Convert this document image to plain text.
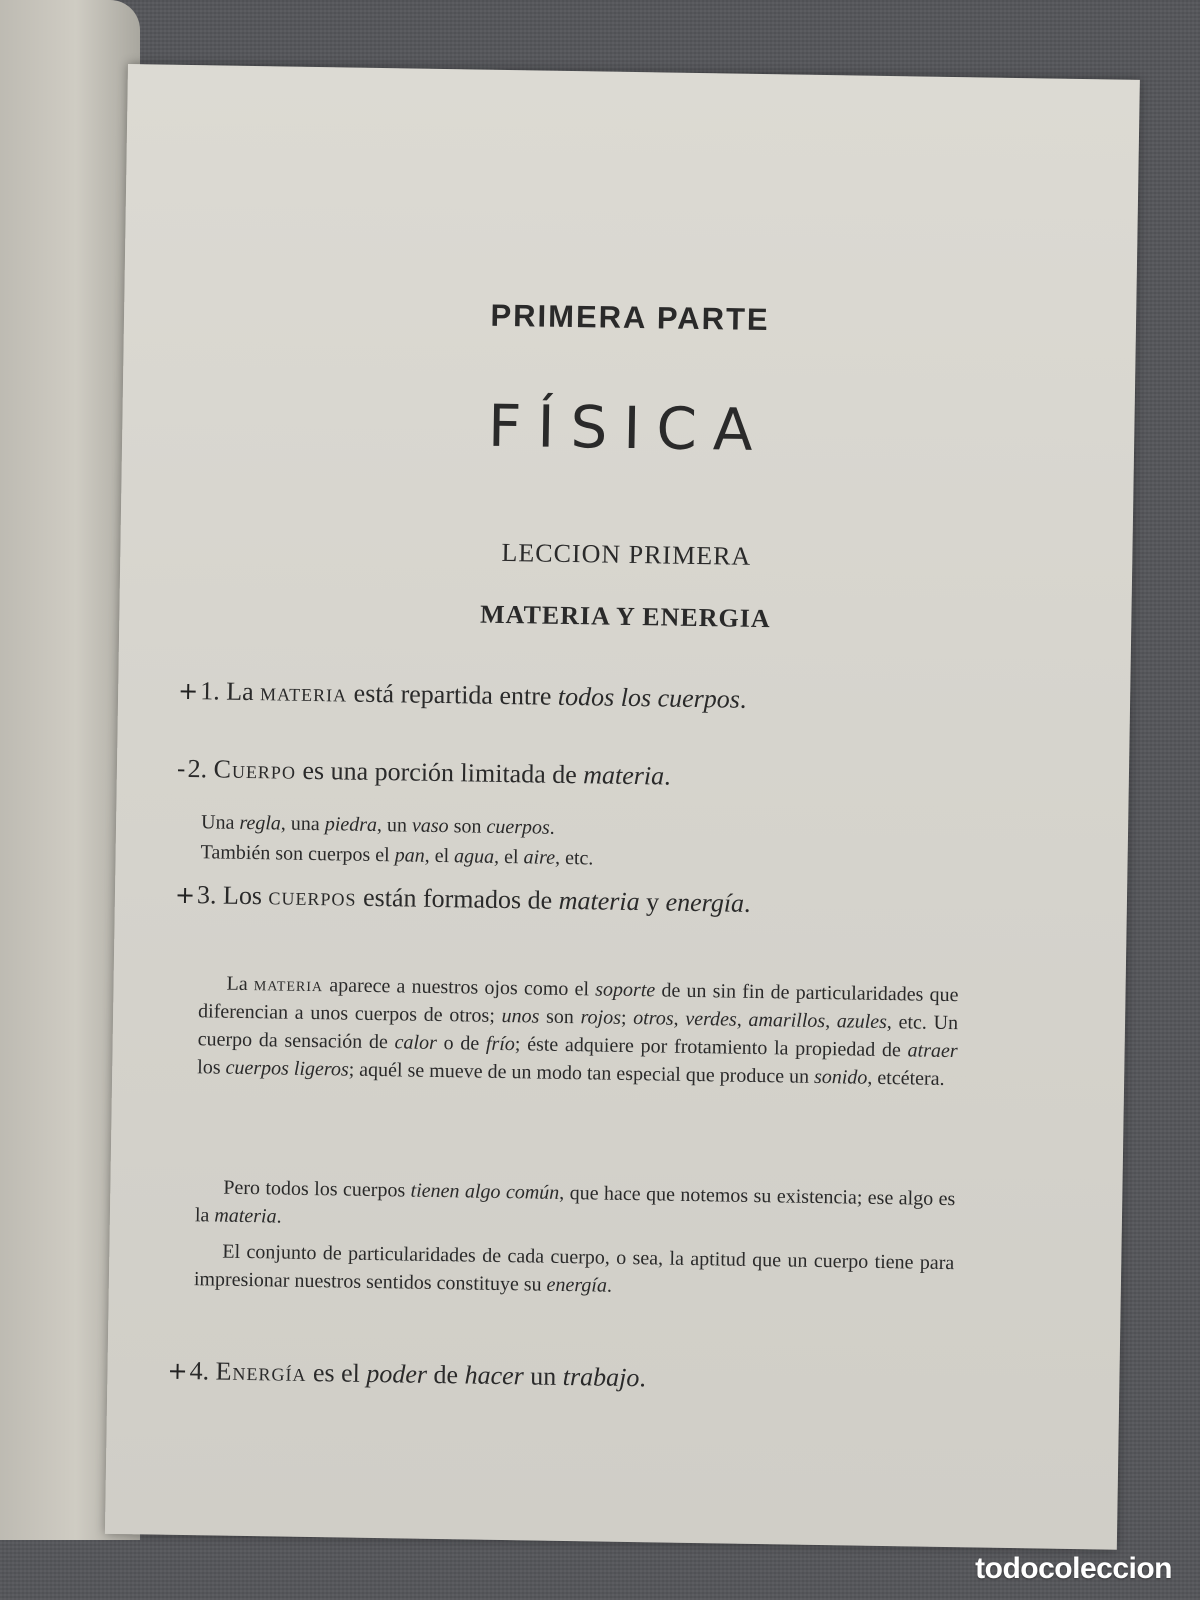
PRIMERA PARTE
FÍSICA
LECCION PRIMERA
MATERIA Y ENERGIA
+1. La materia está repartida entre todos los cuerpos.
-2. Cuerpo es una porción limitada de materia.
Una regla, una piedra, un vaso son cuerpos.
También son cuerpos el pan, el agua, el aire, etc.
+3. Los cuerpos están formados de materia y energía.
La materia aparece a nuestros ojos como el soporte de un sin fin de particularidades que diferencian a unos cuerpos de otros; unos son rojos; otros, verdes, amarillos, azules, etc. Un cuerpo da sensación de calor o de frío; éste adquiere por frotamiento la propiedad de atraer los cuerpos ligeros; aquél se mueve de un modo tan especial que produce un sonido, etcétera.
Pero todos los cuerpos tienen algo común, que hace que notemos su existencia; ese algo es la materia.
El conjunto de particularidades de cada cuerpo, o sea, la aptitud que un cuerpo tiene para impresionar nuestros sentidos constituye su energía.
+4. Energía es el poder de hacer un trabajo.
todocoleccion
